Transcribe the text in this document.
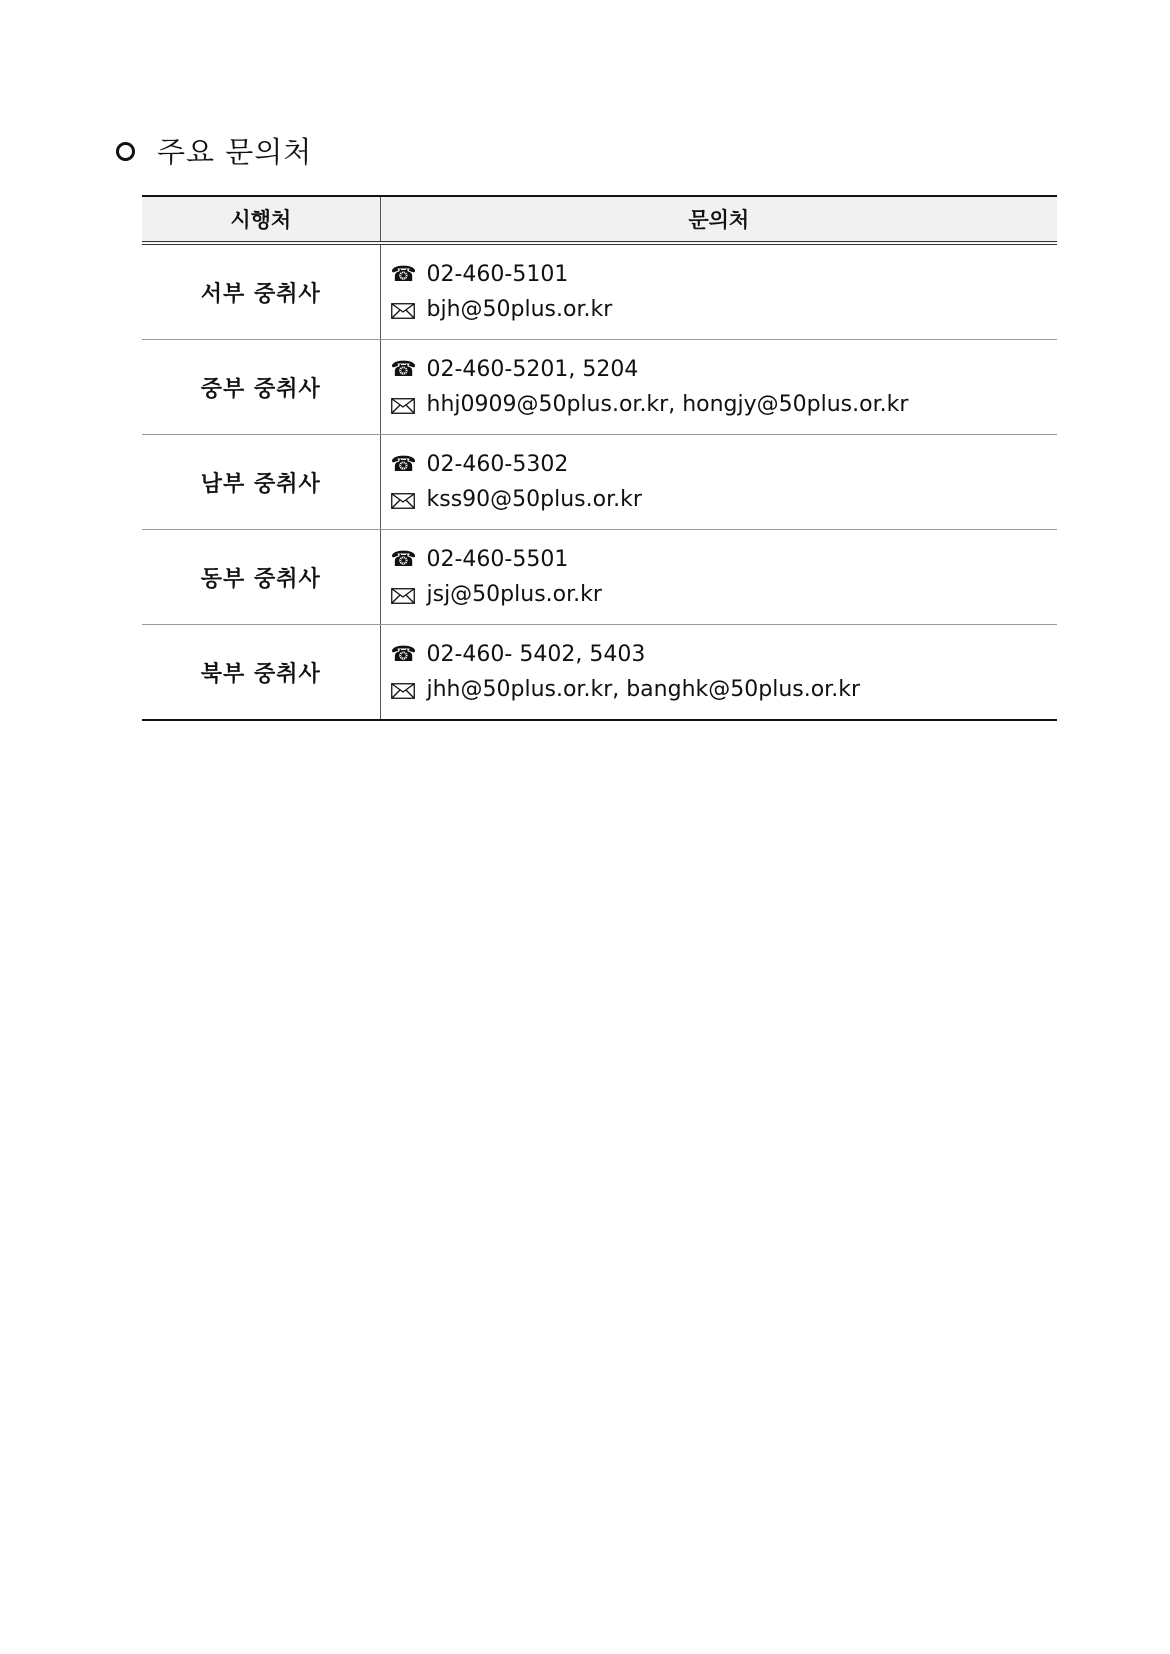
주요 문의처
시행처	문의처
서부 중취사	☎ 02-460-5101
bjh@50plus.or.kr

중부 중취사	☎ 02-460-5201, 5204
hhj0909@50plus.or.kr, hongjy@50plus.or.kr

남부 중취사	☎ 02-460-5302
kss90@50plus.or.kr

동부 중취사	☎ 02-460-5501
jsj@50plus.or.kr

북부 중취사	☎ 02-460- 5402, 5403
jhh@50plus.or.kr, banghk@50plus.or.kr
